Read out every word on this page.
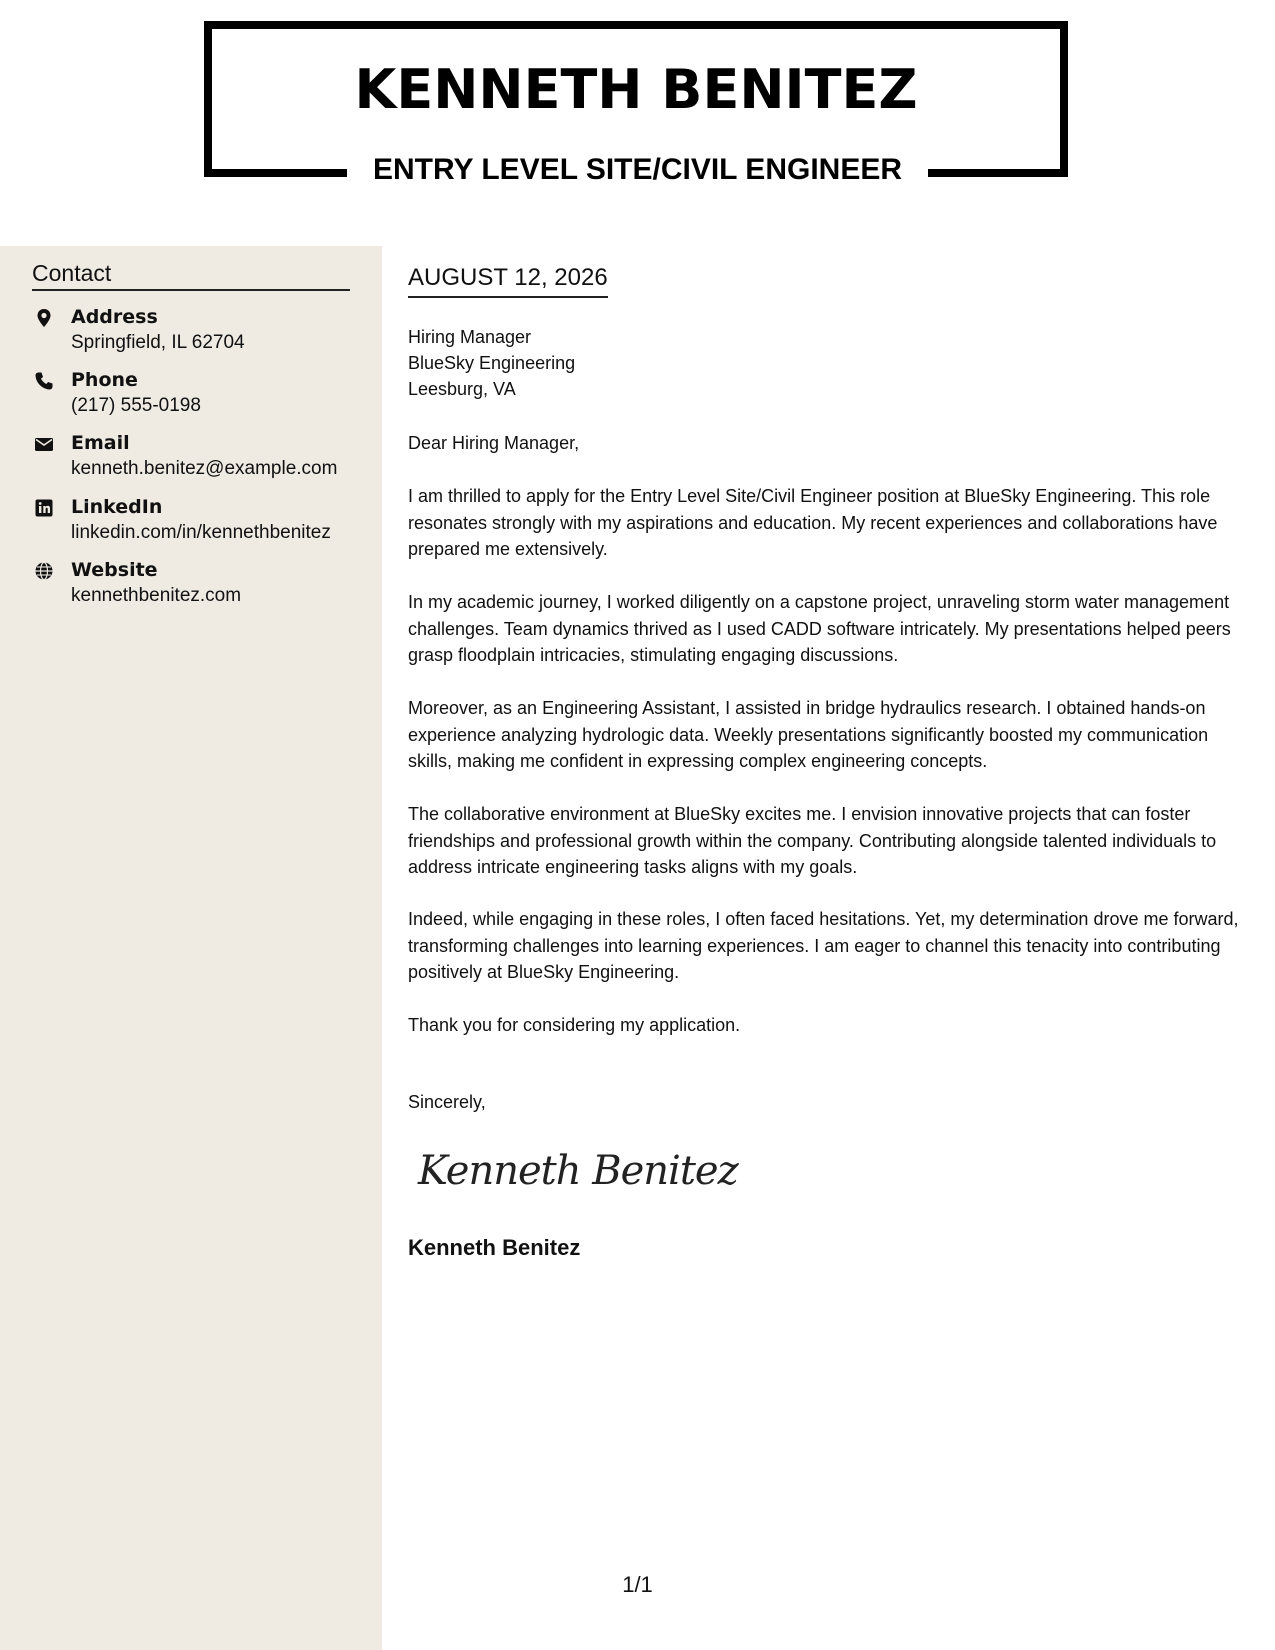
KENNETH BENITEZ
ENTRY LEVEL SITE/CIVIL ENGINEER
Contact
Address
Springfield, IL 62704
Phone
(217) 555-0198
Email
kenneth.benitez@example.com
LinkedIn
linkedin.com/in/kennethbenitez
Website
kennethbenitez.com
AUGUST 12, 2026
Hiring Manager
BlueSky Engineering
Leesburg, VA
Dear Hiring Manager,
I am thrilled to apply for the Entry Level Site/Civil Engineer position at BlueSky Engineering. This role resonates strongly with my aspirations and education. My recent experiences and collaborations have prepared me extensively.
In my academic journey, I worked diligently on a capstone project, unraveling storm water management challenges. Team dynamics thrived as I used CADD software intricately. My presentations helped peers grasp floodplain intricacies, stimulating engaging discussions.
Moreover, as an Engineering Assistant, I assisted in bridge hydraulics research. I obtained hands-on experience analyzing hydrologic data. Weekly presentations significantly boosted my communication skills, making me confident in expressing complex engineering concepts.
The collaborative environment at BlueSky excites me. I envision innovative projects that can foster friendships and professional growth within the company. Contributing alongside talented individuals to address intricate engineering tasks aligns with my goals.
Indeed, while engaging in these roles, I often faced hesitations. Yet, my determination drove me forward, transforming challenges into learning experiences. I am eager to channel this tenacity into contributing positively at BlueSky Engineering.
Thank you for considering my application.
Sincerely,
Kenneth Benitez
Kenneth Benitez
1/1
